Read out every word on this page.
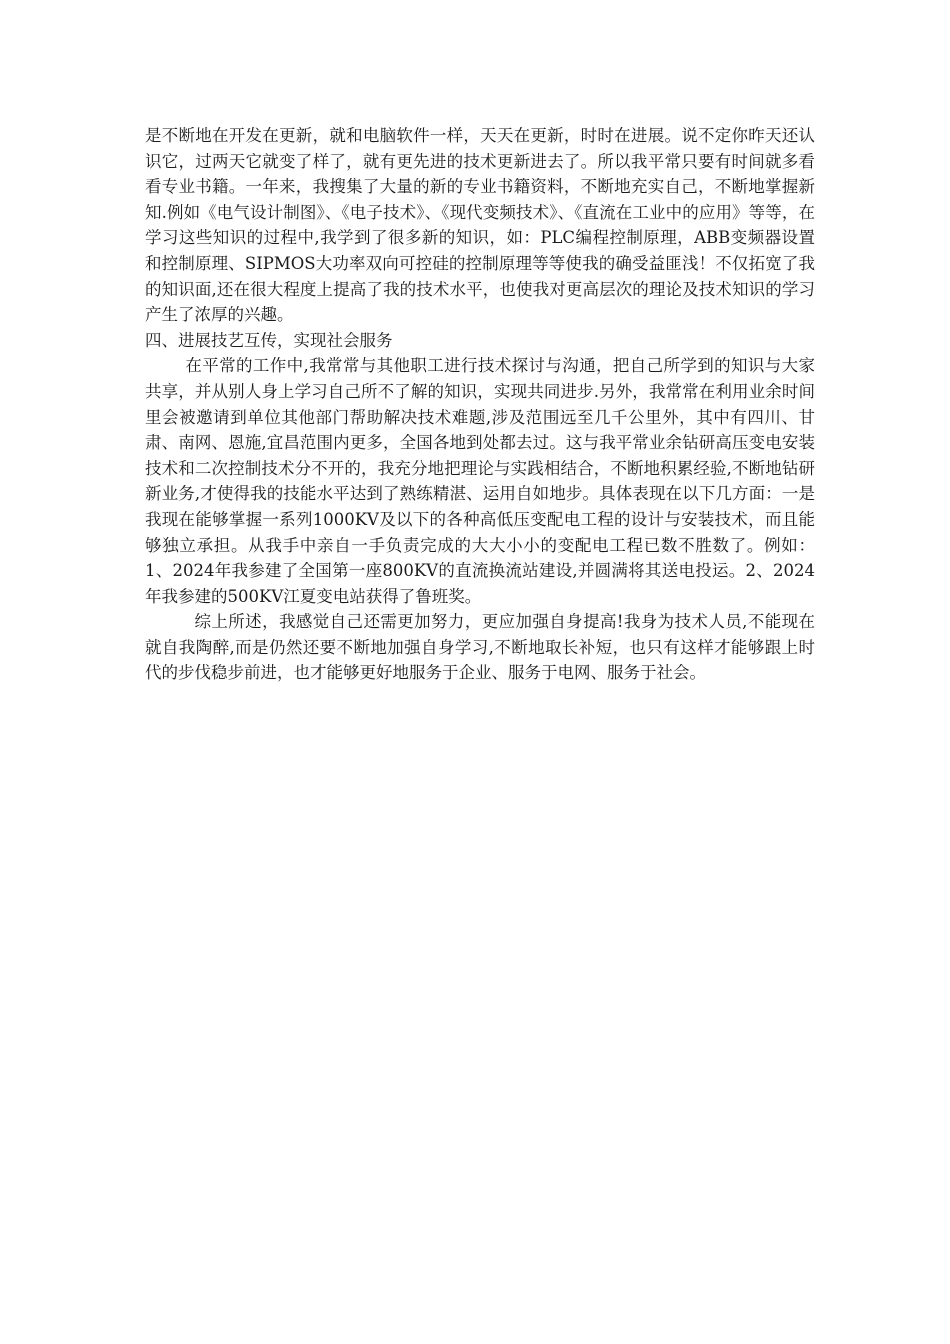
是不断地在开发在更新，就和电脑软件一样，天天在更新，时时在进展。说不定你昨天还认识它，过两天它就变了样了，就有更先进的技术更新进去了。所以我平常只要有时间就多看看专业书籍。一年来，我搜集了大量的新的专业书籍资料，不断地充实自己，不断地掌握新知.例如《电气设计制图》、《电子技术》、《现代变频技术》、《直流在工业中的应用》等等，在学习这些知识的过程中,我学到了很多新的知识，如：PLC编程控制原理，ABB变频器设置和控制原理、SIPMOS大功率双向可控硅的控制原理等等使我的确受益匪浅！不仅拓宽了我的知识面,还在很大程度上提高了我的技术水平，也使我对更高层次的理论及技术知识的学习产生了浓厚的兴趣。

四、进展技艺互传，实现社会服务

在平常的工作中,我常常与其他职工进行技术探讨与沟通，把自己所学到的知识与大家共享，并从别人身上学习自己所不了解的知识，实现共同进步.另外，我常常在利用业余时间里会被邀请到单位其他部门帮助解决技术难题,涉及范围远至几千公里外，其中有四川、甘肃、南网、恩施,宜昌范围内更多，全国各地到处都去过。这与我平常业余钻研高压变电安装技术和二次控制技术分不开的，我充分地把理论与实践相结合，不断地积累经验,不断地钻研新业务,才使得我的技能水平达到了熟练精湛、运用自如地步。具体表现在以下几方面：一是我现在能够掌握一系列1000KV及以下的各种高低压变配电工程的设计与安装技术，而且能够独立承担。从我手中亲自一手负责完成的大大小小的变配电工程已数不胜数了。例如：1、2024年我参建了全国第一座800KV的直流换流站建设,并圆满将其送电投运。2、2024年我参建的500KV江夏变电站获得了鲁班奖。

综上所述，我感觉自己还需更加努力，更应加强自身提高!我身为技术人员,不能现在就自我陶醉,而是仍然还要不断地加强自身学习,不断地取长补短，也只有这样才能够跟上时代的步伐稳步前进，也才能够更好地服务于企业、服务于电网、服务于社会。
